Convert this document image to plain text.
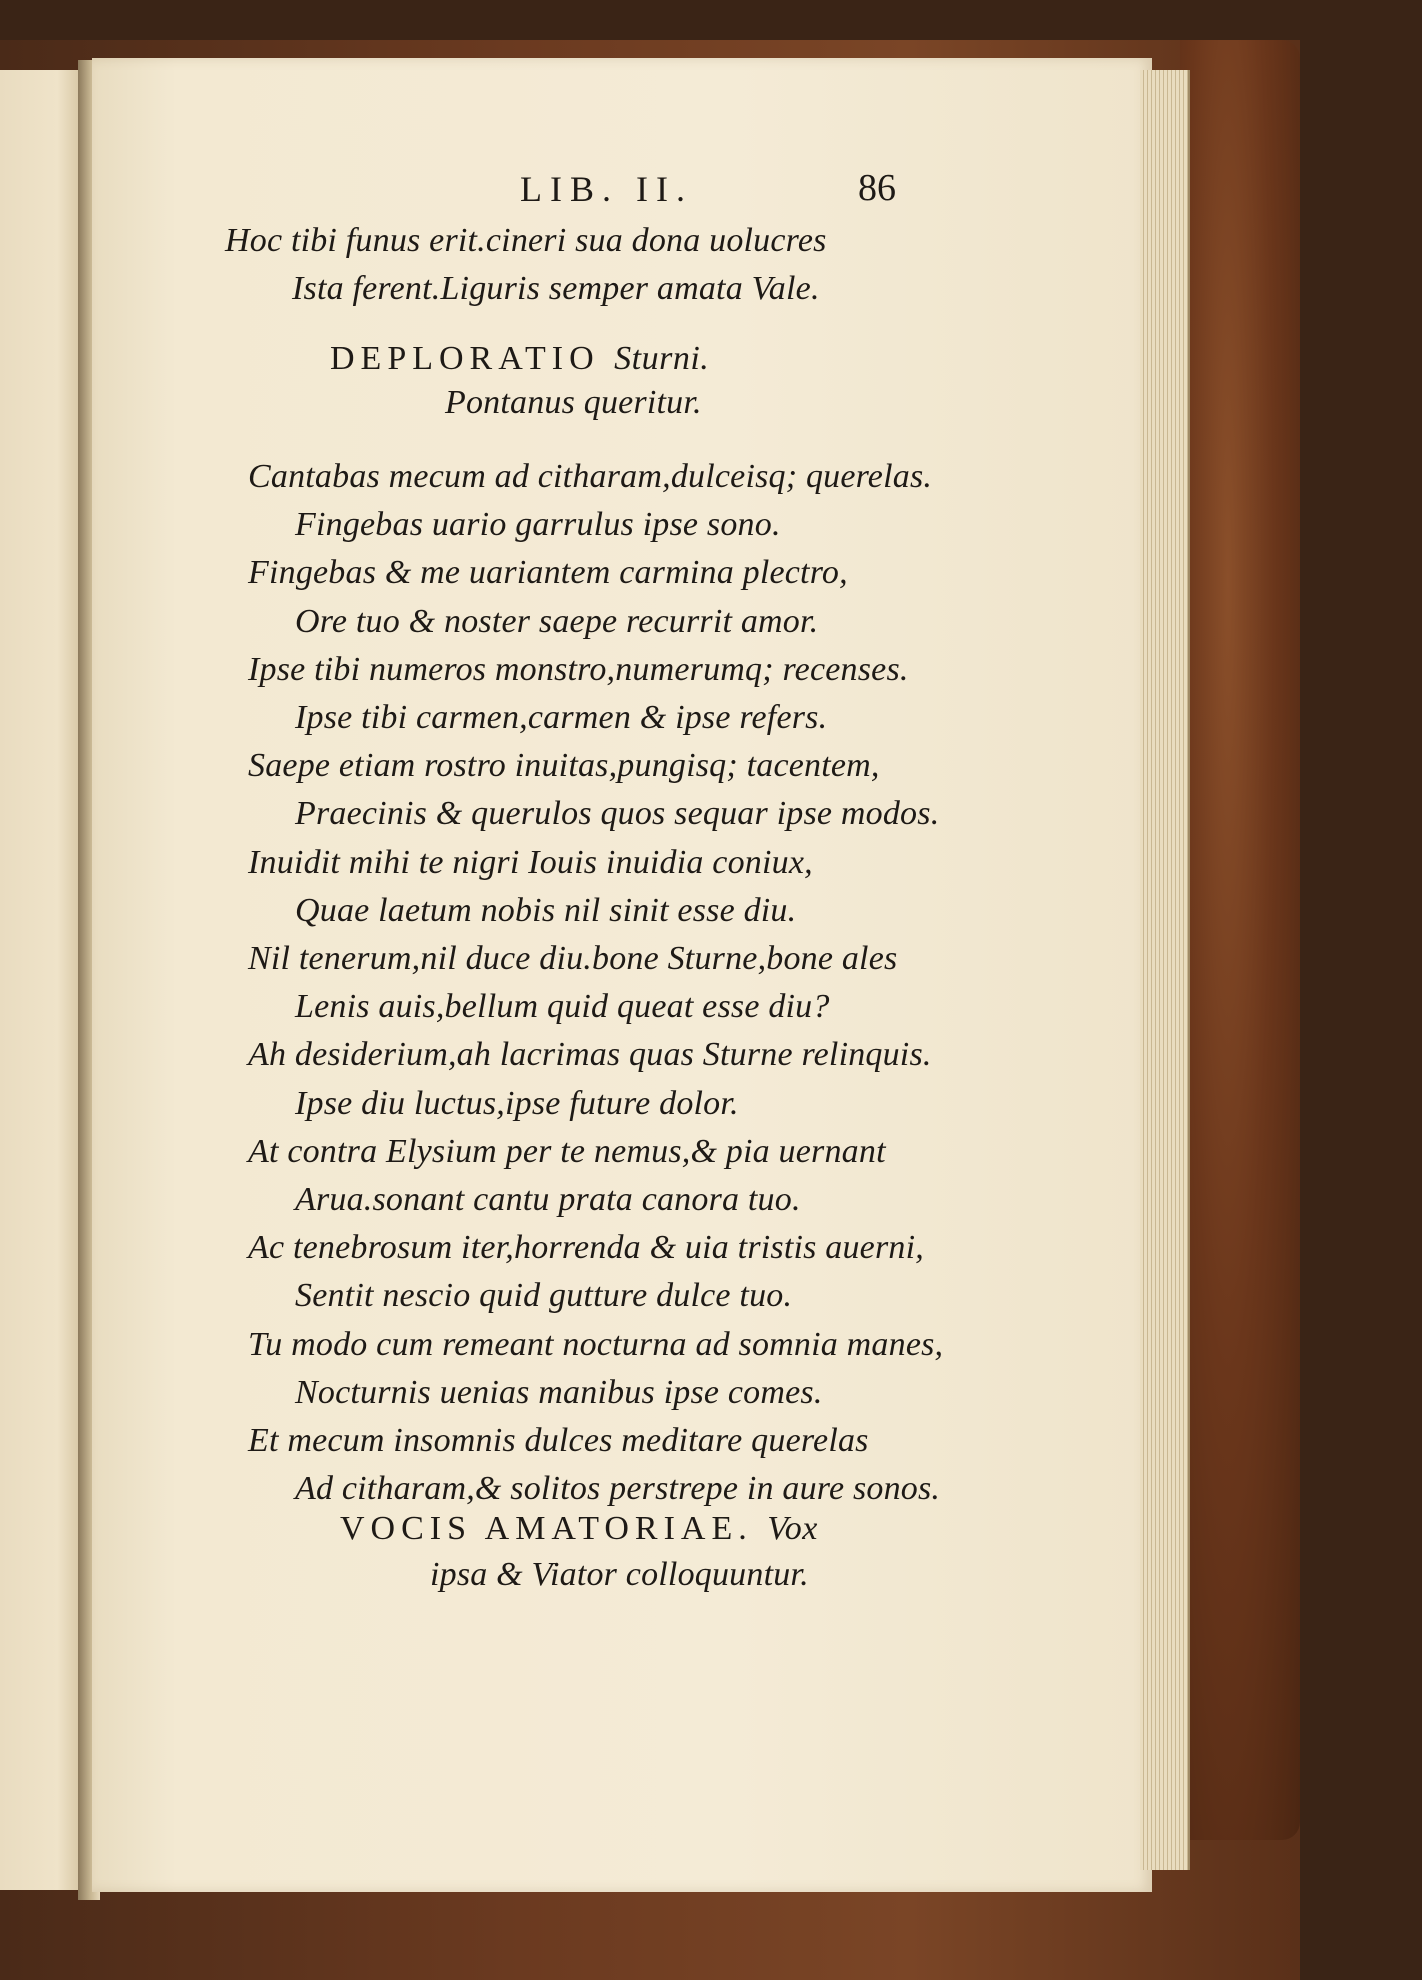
LIB. II.	86
Hoc tibi funus erit.cineri sua dona uolucres
Ista ferent.Liguris semper amata Vale.
DEPLORATIO Sturni.
Pontanus queritur.
Cantabas mecum ad citharam,dulceisq; querelas.
Fingebas uario garrulus ipse sono.
Fingebas & me uariantem carmina plectro,
Ore tuo & noster saepe recurrit amor.
Ipse tibi numeros monstro,numerumq; recenses.
Ipse tibi carmen,carmen & ipse refers.
Saepe etiam rostro inuitas,pungisq; tacentem,
Praecinis & querulos quos sequar ipse modos.
Inuidit mihi te nigri Iouis inuidia coniux,
Quae laetum nobis nil sinit esse diu.
Nil tenerum,nil duce diu.bone Sturne,bone ales
Lenis auis,bellum quid queat esse diu?
Ah desiderium,ah lacrimas quas Sturne relinquis.
Ipse diu luctus,ipse future dolor.
At contra Elysium per te nemus,& pia uernant
Arua.sonant cantu prata canora tuo.
Ac tenebrosum iter,horrenda & uia tristis auerni,
Sentit nescio quid gutture dulce tuo.
Tu modo cum remeant nocturna ad somnia manes,
Nocturnis uenias manibus ipse comes.
Et mecum insomnis dulces meditare querelas
Ad citharam,& solitos perstrepe in aure sonos.
VOCIS AMATORIAE. Vox
ipsa & Viator colloquuntur.
